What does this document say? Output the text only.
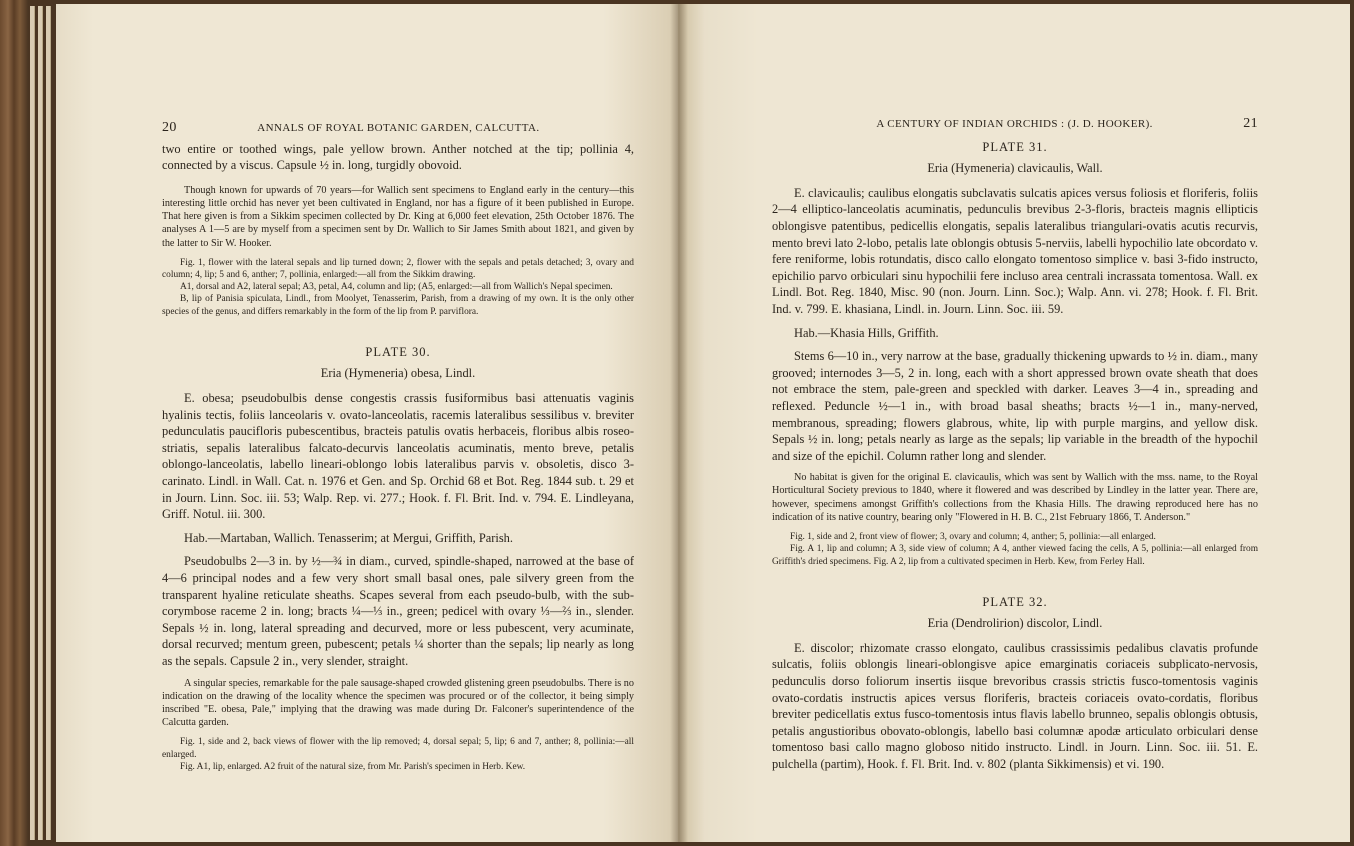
20	ANNALS OF ROYAL BOTANIC GARDEN, CALCUTTA.

two entire or toothed wings, pale yellow brown. Anther notched at the tip; pollinia 4, connected by a viscus. Capsule ½ in. long, turgidly obovoid.

Though known for upwards of 70 years—for Wallich sent specimens to England early in the century—this interesting little orchid has never yet been cultivated in England, nor has a figure of it been published in Europe. That here given is from a Sikkim specimen collected by Dr. King at 6,000 feet elevation, 25th October 1876. The analyses A 1—5 are by myself from a specimen sent by Dr. Wallich to Sir James Smith about 1821, and given by the latter to Sir W. Hooker.

Fig. 1, flower with the lateral sepals and lip turned down; 2, flower with the sepals and petals detached; 3, ovary and column; 4, lip; 5 and 6, anther; 7, pollinia, enlarged:—all from the Sikkim drawing.

A1, dorsal and A2, lateral sepal; A3, petal, A4, column and lip; (A5, enlarged:—all from Wallich's Nepal specimen.

B, lip of Panisia spiculata, Lindl., from Moolyet, Tenasserim, Parish, from a drawing of my own. It is the only other species of the genus, and differs remarkably in the form of the lip from P. parviflora.

PLATE 30.
Eria (Hymeneria) obesa, Lindl.

E. obesa; pseudobulbis dense congestis crassis fusiformibus basi attenuatis vaginis hyalinis tectis, foliis lanceolaris v. ovato-lanceolatis, racemis lateralibus sessilibus v. breviter pedunculatis paucifloris pubescentibus, bracteis patulis ovatis herbaceis, floribus albis roseo-striatis, sepalis lateralibus falcato-decurvis lanceolatis acuminatis, mento breve, petalis oblongo-lanceolatis, labello lineari-oblongo lobis lateralibus parvis v. obsoletis, disco 3-carinato. Lindl. in Wall. Cat. n. 1976 et Gen. and Sp. Orchid 68 et Bot. Reg. 1844 sub. t. 29 et in Journ. Linn. Soc. iii. 53; Walp. Rep. vi. 277.; Hook. f. Fl. Brit. Ind. v. 794. E. Lindleyana, Griff. Notul. iii. 300.

Hab.—Martaban, Wallich. Tenasserim; at Mergui, Griffith, Parish.

Pseudobulbs 2—3 in. by ½—¾ in diam., curved, spindle-shaped, narrowed at the base of 4—6 principal nodes and a few very short small basal ones, pale silvery green from the transparent hyaline reticulate sheaths. Scapes several from each pseudo-bulb, with the sub-corymbose raceme 2 in. long; bracts ¼—⅓ in., green; pedicel with ovary ⅓—⅔ in., slender. Sepals ½ in. long, lateral spreading and decurved, more or less pubescent, very acuminate, dorsal recurved; mentum green, pubescent; petals ¼ shorter than the sepals; lip nearly as long as the sepals. Capsule 2 in., very slender, straight.

A singular species, remarkable for the pale sausage-shaped crowded glistening green pseudobulbs. There is no indication on the drawing of the locality whence the specimen was procured or of the collector, it being simply inscribed "E. obesa, Pale," implying that the drawing was made during Dr. Falconer's superintendence of the Calcutta garden.

Fig. 1, side and 2, back views of flower with the lip removed; 4, dorsal sepal; 5, lip; 6 and 7, anther; 8, pollinia:—all enlarged.

Fig. A1, lip, enlarged. A2 fruit of the natural size, from Mr. Parish's specimen in Herb. Kew.

A CENTURY OF INDIAN ORCHIDS : (J. D. HOOKER).	21
PLATE 31.
Eria (Hymeneria) clavicaulis, Wall.

E. clavicaulis; caulibus elongatis subclavatis sulcatis apices versus foliosis et floriferis, foliis 2—4 elliptico-lanceolatis acuminatis, pedunculis brevibus 2-3-floris, bracteis magnis ellipticis oblongisve patentibus, pedicellis elongatis, sepalis lateralibus triangulari-ovatis acutis recurvis, mento brevi lato 2-lobo, petalis late oblongis obtusis 5-nerviis, labelli hypochilio late obcordato v. fere reniforme, lobis rotundatis, disco callo elongato tomentoso simplice v. basi 3-fido instructo, epichilio parvo orbiculari sinu hypochilii fere incluso area centrali incrassata tomentosa. Wall. ex Lindl. Bot. Reg. 1840, Misc. 90 (non. Journ. Linn. Soc.); Walp. Ann. vi. 278; Hook. f. Fl. Brit. Ind. v. 799. E. khasiana, Lindl. in. Journ. Linn. Soc. iii. 59.

Hab.—Khasia Hills, Griffith.

Stems 6—10 in., very narrow at the base, gradually thickening upwards to ½ in. diam., many grooved; internodes 3—5, 2 in. long, each with a short appressed brown ovate sheath that does not embrace the stem, pale-green and speckled with darker. Leaves 3—4 in., spreading and reflexed. Peduncle ½—1 in., with broad basal sheaths; bracts ½—1 in., many-nerved, membranous, spreading; flowers glabrous, white, lip with purple margins, and yellow disk. Sepals ½ in. long; petals nearly as large as the sepals; lip variable in the breadth of the hypochil and size of the epichil. Column rather long and slender.

No habitat is given for the original E. clavicaulis, which was sent by Wallich with the mss. name, to the Royal Horticultural Society previous to 1840, where it flowered and was described by Lindley in the latter year. There are, however, specimens amongst Griffith's collections from the Khasia Hills. The drawing reproduced here has no indication of its native country, bearing only "Flowered in H. B. C., 21st February 1866, T. Anderson."

Fig. 1, side and 2, front view of flower; 3, ovary and column; 4, anther; 5, pollinia:—all enlarged.

Fig. A 1, lip and column; A 3, side view of column; A 4, anther viewed facing the cells, A 5, pollinia:—all enlarged from Griffith's dried specimens. Fig. A 2, lip from a cultivated specimen in Herb. Kew, from Ferley Hall.

PLATE 32.
Eria (Dendrolirion) discolor, Lindl.

E. discolor; rhizomate crasso elongato, caulibus crassissimis pedalibus clavatis profunde sulcatis, foliis oblongis lineari-oblongisve apice emarginatis coriaceis subplicato-nervosis, pedunculis dorso foliorum insertis iisque brevoribus crassis strictis fusco-tomentosis vaginis ovato-cordatis instructis apices versus floriferis, bracteis coriaceis ovato-cordatis, floribus breviter pedicellatis extus fusco-tomentosis intus flavis labello brunneo, sepalis oblongis obtusis, petalis angustioribus obovato-oblongis, labello basi columnæ apodæ articulato orbiculari dense tomentoso basi callo magno globoso nitido instructo. Lindl. in Journ. Linn. Soc. iii. 51. E. pulchella (partim), Hook. f. Fl. Brit. Ind. v. 802 (planta Sikkimensis) et vi. 190.
